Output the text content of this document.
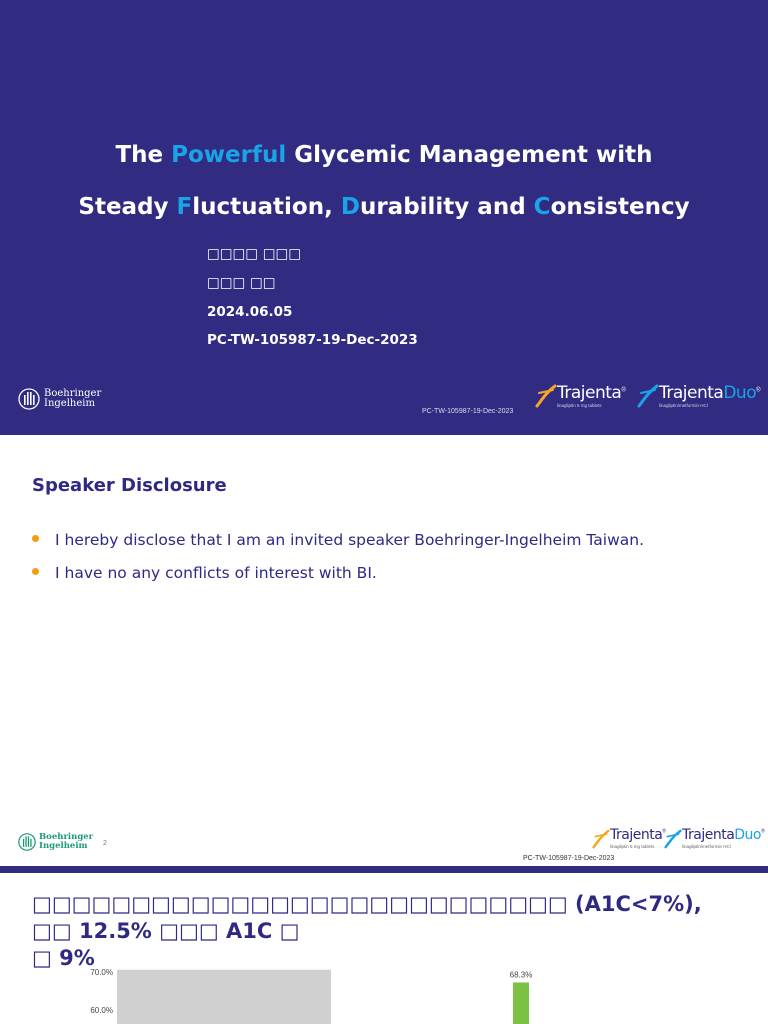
The Powerful Glycemic Management with
Steady Fluctuation, Durability and Consistency
□□□□ □□□
□□□ □□
2024.06.05
PC-TW-105987-19-Dec-2023
Boehringer
Ingelheim
PC-TW-105987-19-Dec-2023
Trajenta®
linagliptin 5 mg tablets
TrajentaDuo®
linagliptin/metformin HCl
Speaker Disclosure
I hereby disclose that I am an invited speaker Boehringer-Ingelheim Taiwan.
I have no any conflicts of interest with BI.
Boehringer
Ingelheim	2
Trajenta®
linagliptin 5 mg tablets
TrajentaDuo®
linagliptin/metformin HCl
PC-TW-105987-19-Dec-2023
□□□□□□□□□□□□□□□□□□□□□□□□□□□ (A1C<7%), □□ 12.5% □□□ A1C □
□ 9%
70.0%
60.0%
68.3%
